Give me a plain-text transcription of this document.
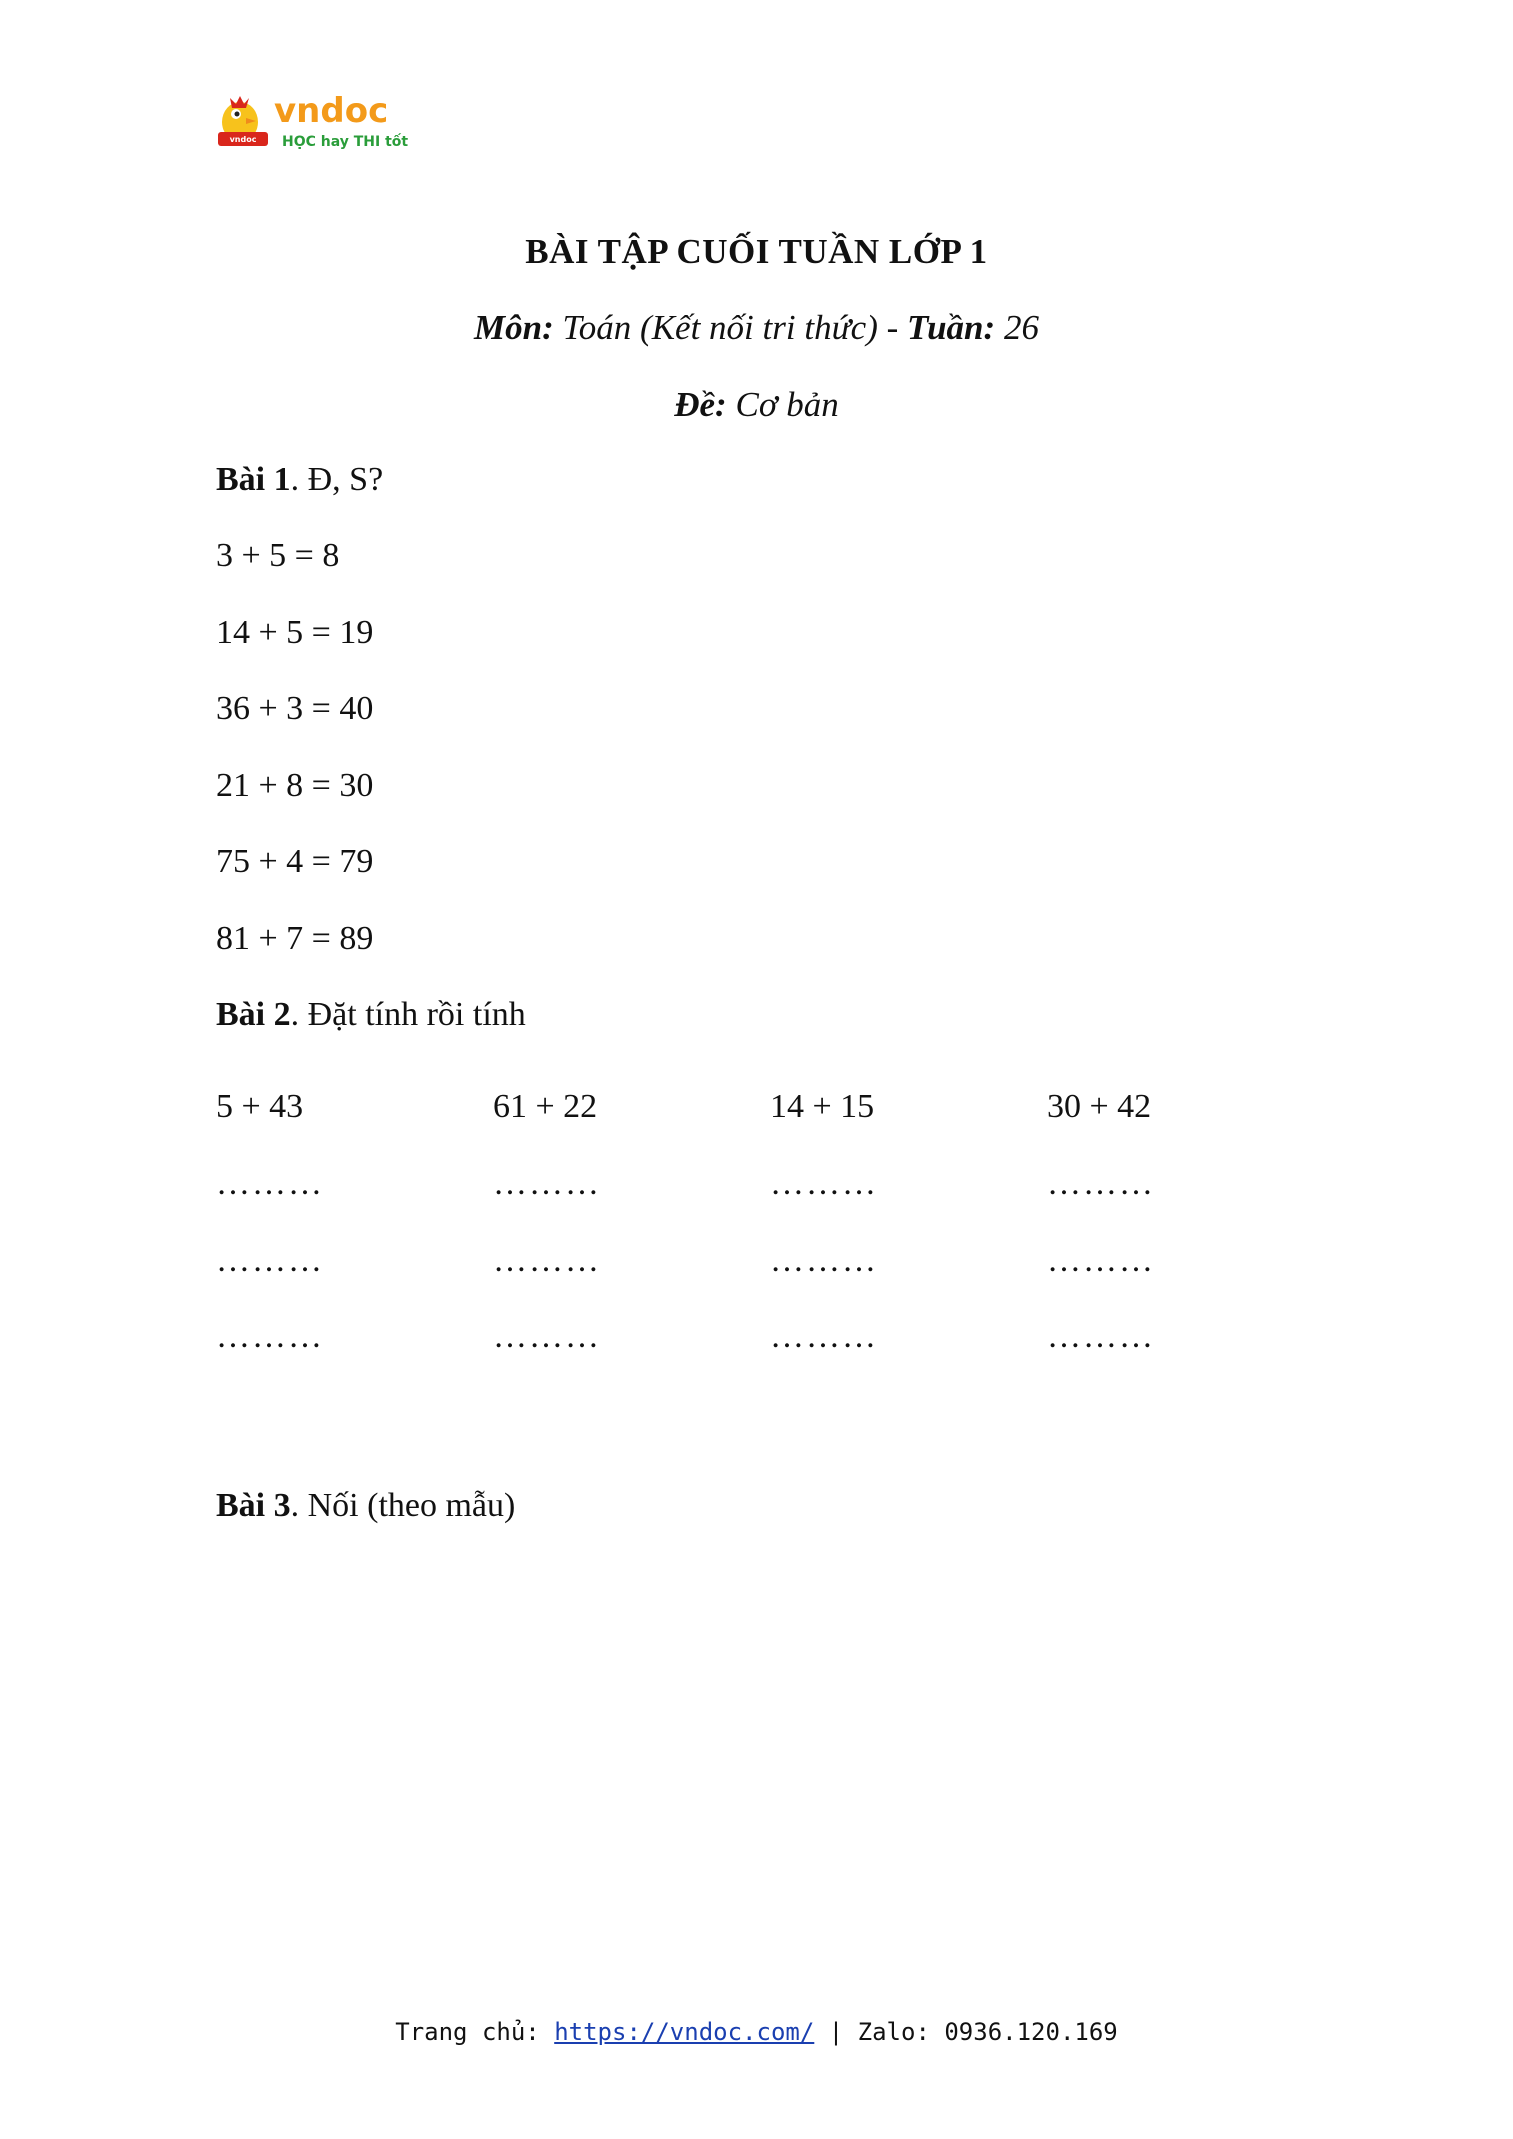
vndoc
vndoc
HỌC hay THI tốt
BÀI TẬP CUỐI TUẦN LỚP 1
Môn: Toán (Kết nối tri thức) - Tuần: 26
Đề: Cơ bản
Bài 1. Đ, S?
3 + 5 = 8
14 + 5 = 19
36 + 3 = 40
21 + 8 = 30
75 + 4 = 79
81 + 7 = 89
Bài 2. Đặt tính rồi tính
5 + 43	61 + 22	14 + 15	30 + 42
………	………	………	………
………	………	………	………
………	………	………	………
Bài 3. Nối (theo mẫu)
Trang chủ: https://vndoc.com/ | Zalo: 0936.120.169
